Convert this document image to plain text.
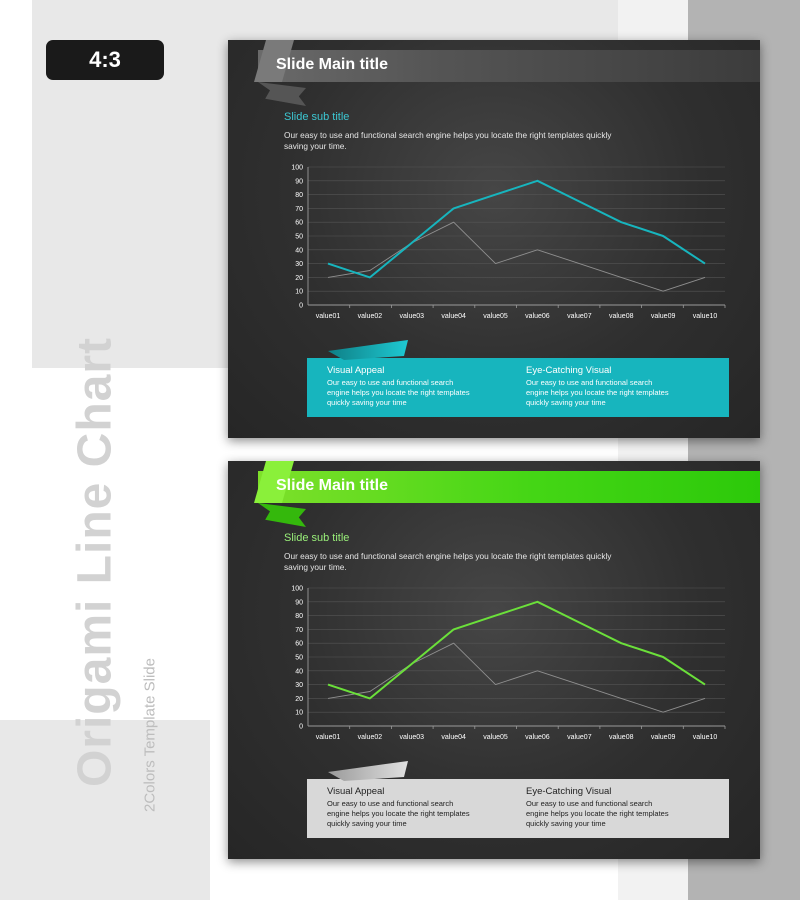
4:3
Origami Line Chart 2Colors Template Slide
Slide Main title
Slide sub title
Our easy to use and functional search engine helps you locate the right templates quickly saving your time.
0
10
20
30
40
50
60
70
80
90
100
value01 value02 value03 value04 value05 value06 value07 value08 value09 value10
Visual Appeal
Our easy to use and functional search engine helps you locate the right templates quickly saving your time
Eye-Catching Visual
Our easy to use and functional search engine helps you locate the right templates quickly saving your time
Slide Main title
Slide sub title
Our easy to use and functional search engine helps you locate the right templates quickly saving your time.
0
10
20
30
40
50
60
70
80
90
100
value01 value02 value03 value04 value05 value06 value07 value08 value09 value10
Visual Appeal
Our easy to use and functional search engine helps you locate the right templates quickly saving your time
Eye-Catching Visual
Our easy to use and functional search engine helps you locate the right templates quickly saving your time
